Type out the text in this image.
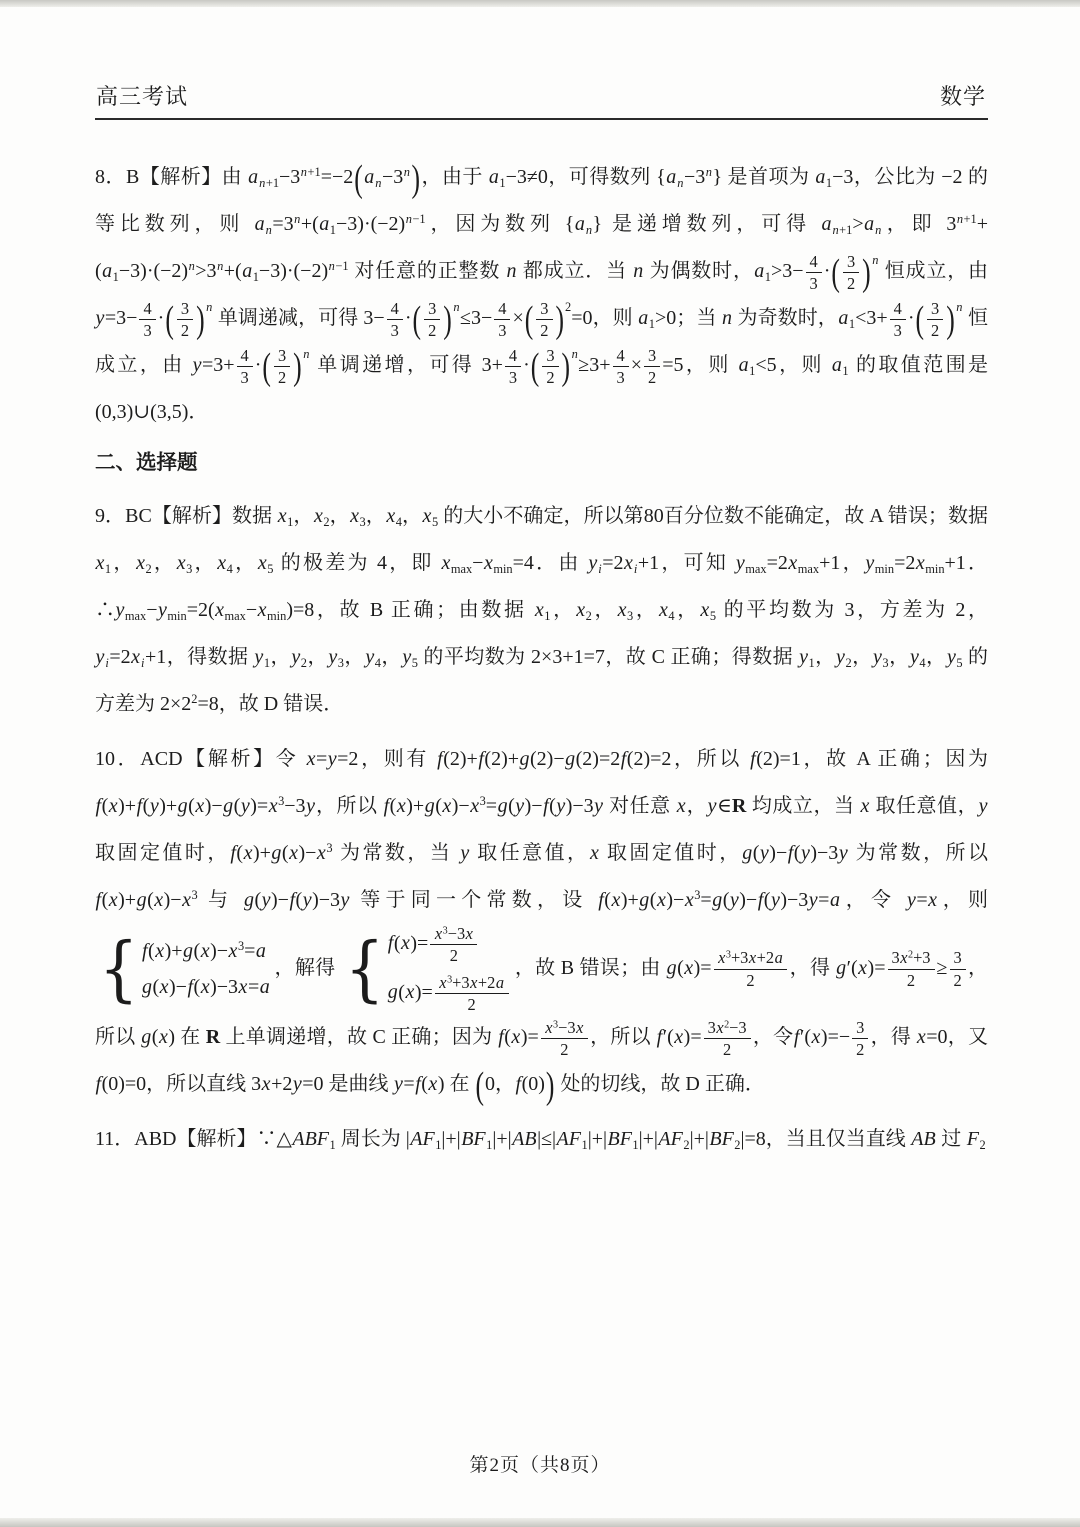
高三考试	数学

8．B【解析】由 $a_{n+1}-3^{n+1}=-2(a_n-3^n)$，由于 $a_1-3\ne 0$，可得数列 $\{a_n-3^n\}$ 是首项为 $a_1-3$，公比为 −2 的等比数列，则 $a_n=3^n+(a_1-3)\cdot(-2)^{n-1}$，因为数列 $\{a_n\}$ 是递增数列，可得 $a_{n+1}>a_n$，即 $3^{n+1}+(a_1-3)\cdot(-2)^n>3^n+(a_1-3)\cdot(-2)^{n-1}$ 对任意的正整数 n 都成立．当 n 为偶数时，$a_1>3- \frac{4}{3}$ ·( $\frac{3}{2}$ ) $^n$ 恒成立，由 $y=3- \frac{4}{3}$ ·( $\frac{3}{2}$ ) $^n$ 单调递减，可得 $3- \frac{4}{3}$ ·( $\frac{3}{2}$ ) $^n\le 3- \frac{4}{3}$ ×( $\frac{3}{2} )^2=0$，则 $a_1>0$；当 n 为奇数时，$a_1<3+ \frac{4}{3}$ ·( $\frac{3}{2}$ ) $^n$ 恒成立，由 $y=3+ \frac{4}{3}$ ·( $\frac{3}{2}$ ) $^n$ 单调递增，可得 $3+ \frac{4}{3}$ ·( $\frac{3}{2}$ ) $^n\ge 3+ \frac{4}{3} \times \frac{3}{2} =5$，则 $a_1<5$，则 $a_1$ 的取值范围是 (0,3)∪(3,5)．

二、选择题

9．BC【解析】数据 $x_1$，$x_2$，$x_3$，$x_4$，$x_5$ 的大小不确定，所以第80百分位数不能确定，故 A 错误；数据 $x_1$，$x_2$，$x_3$，$x_4$，$x_5$ 的极差为 4，即 $x_{max}-x_{min}=4$．由 $y_i=2x_i+1$，可知 $y_{max}=2x_{max}+1$，$y_{min}=2x_{min}+1$．$\therefore y_{max}-y_{min}=2(x_{max}-x_{min})=8$，故 B 正确；由数据 $x_1$，$x_2$，$x_3$，$x_4$，$x_5$ 的平均数为 3，方差为 2，$y_i=2x_i+1$，得数据 $y_1$，$y_2$，$y_3$，$y_4$，$y_5$ 的平均数为 2×3+1=7，故 C 正确；得数据 $y_1$，$y_2$，$y_3$，$y_4$，$y_5$ 的方差为 $2\times 2^2=8$，故 D 错误．

10．ACD【解析】令 x=y=2，则有 f(2)+f(2)+g(2)−g(2)=2f(2)=2，所以 f(2)=1，故 A 正确；因为 $f(x)+f(y)+g(x)-g(y)=x^3-3y$，所以 $f(x)+g(x)-x^3=g(y)-f(y)-3y$ 对任意 x，y∈R 均成立，当 x 取任意值，y 取固定值时，$f(x)+g(x)-x^3$ 为常数，当 y 取任意值，x 取固定值时，g(y)−f(y)−3y 为常数，所以 $f(x)+g(x)-x^3$ 与 g(y)−f(y)−3y 等于同一个常数，设 $f(x)+g(x)-x^3=g(y)-f(y)-3y=a$，令 y=x，则
{ $f(x)+g(x)-x^3=a$
g(x)−f(x)−3x=a
，解得 { $f(x)= \frac{x^3-3x}{2}$
$g(x)= \frac{x^3+3x+2a}{2}$
，故 B 错误；由 $g(x)= \frac{x^3+3x+2a}{2}$ ，得 $g'(x)= \frac{3x^2+3}{2} \ge \frac{3}{2}$ ，所以 g(x) 在 R 上单调递增，故 C 正确；因为 $f(x)= \frac{x^3-3x}{2}$ ，所以 $f'(x)= \frac{3x^2-3}{2}$ ，令$f'(x)=- \frac{3}{2}$ ，得 x=0，又 f(0)=0，所以直线 3x+2y=0 是曲线 y=f(x) 在 (0，f(0)) 处的切线，故 D 正确．

11．ABD【解析】$\because\triangle ABF_1$ 周长为 $|AF_1|+|BF_1|+|AB|\le|AF_1|+|BF_1|+|AF_2|+|BF_2|=8$，当且仅当直线 AB 过 $F_2$

第2页（共8页）
